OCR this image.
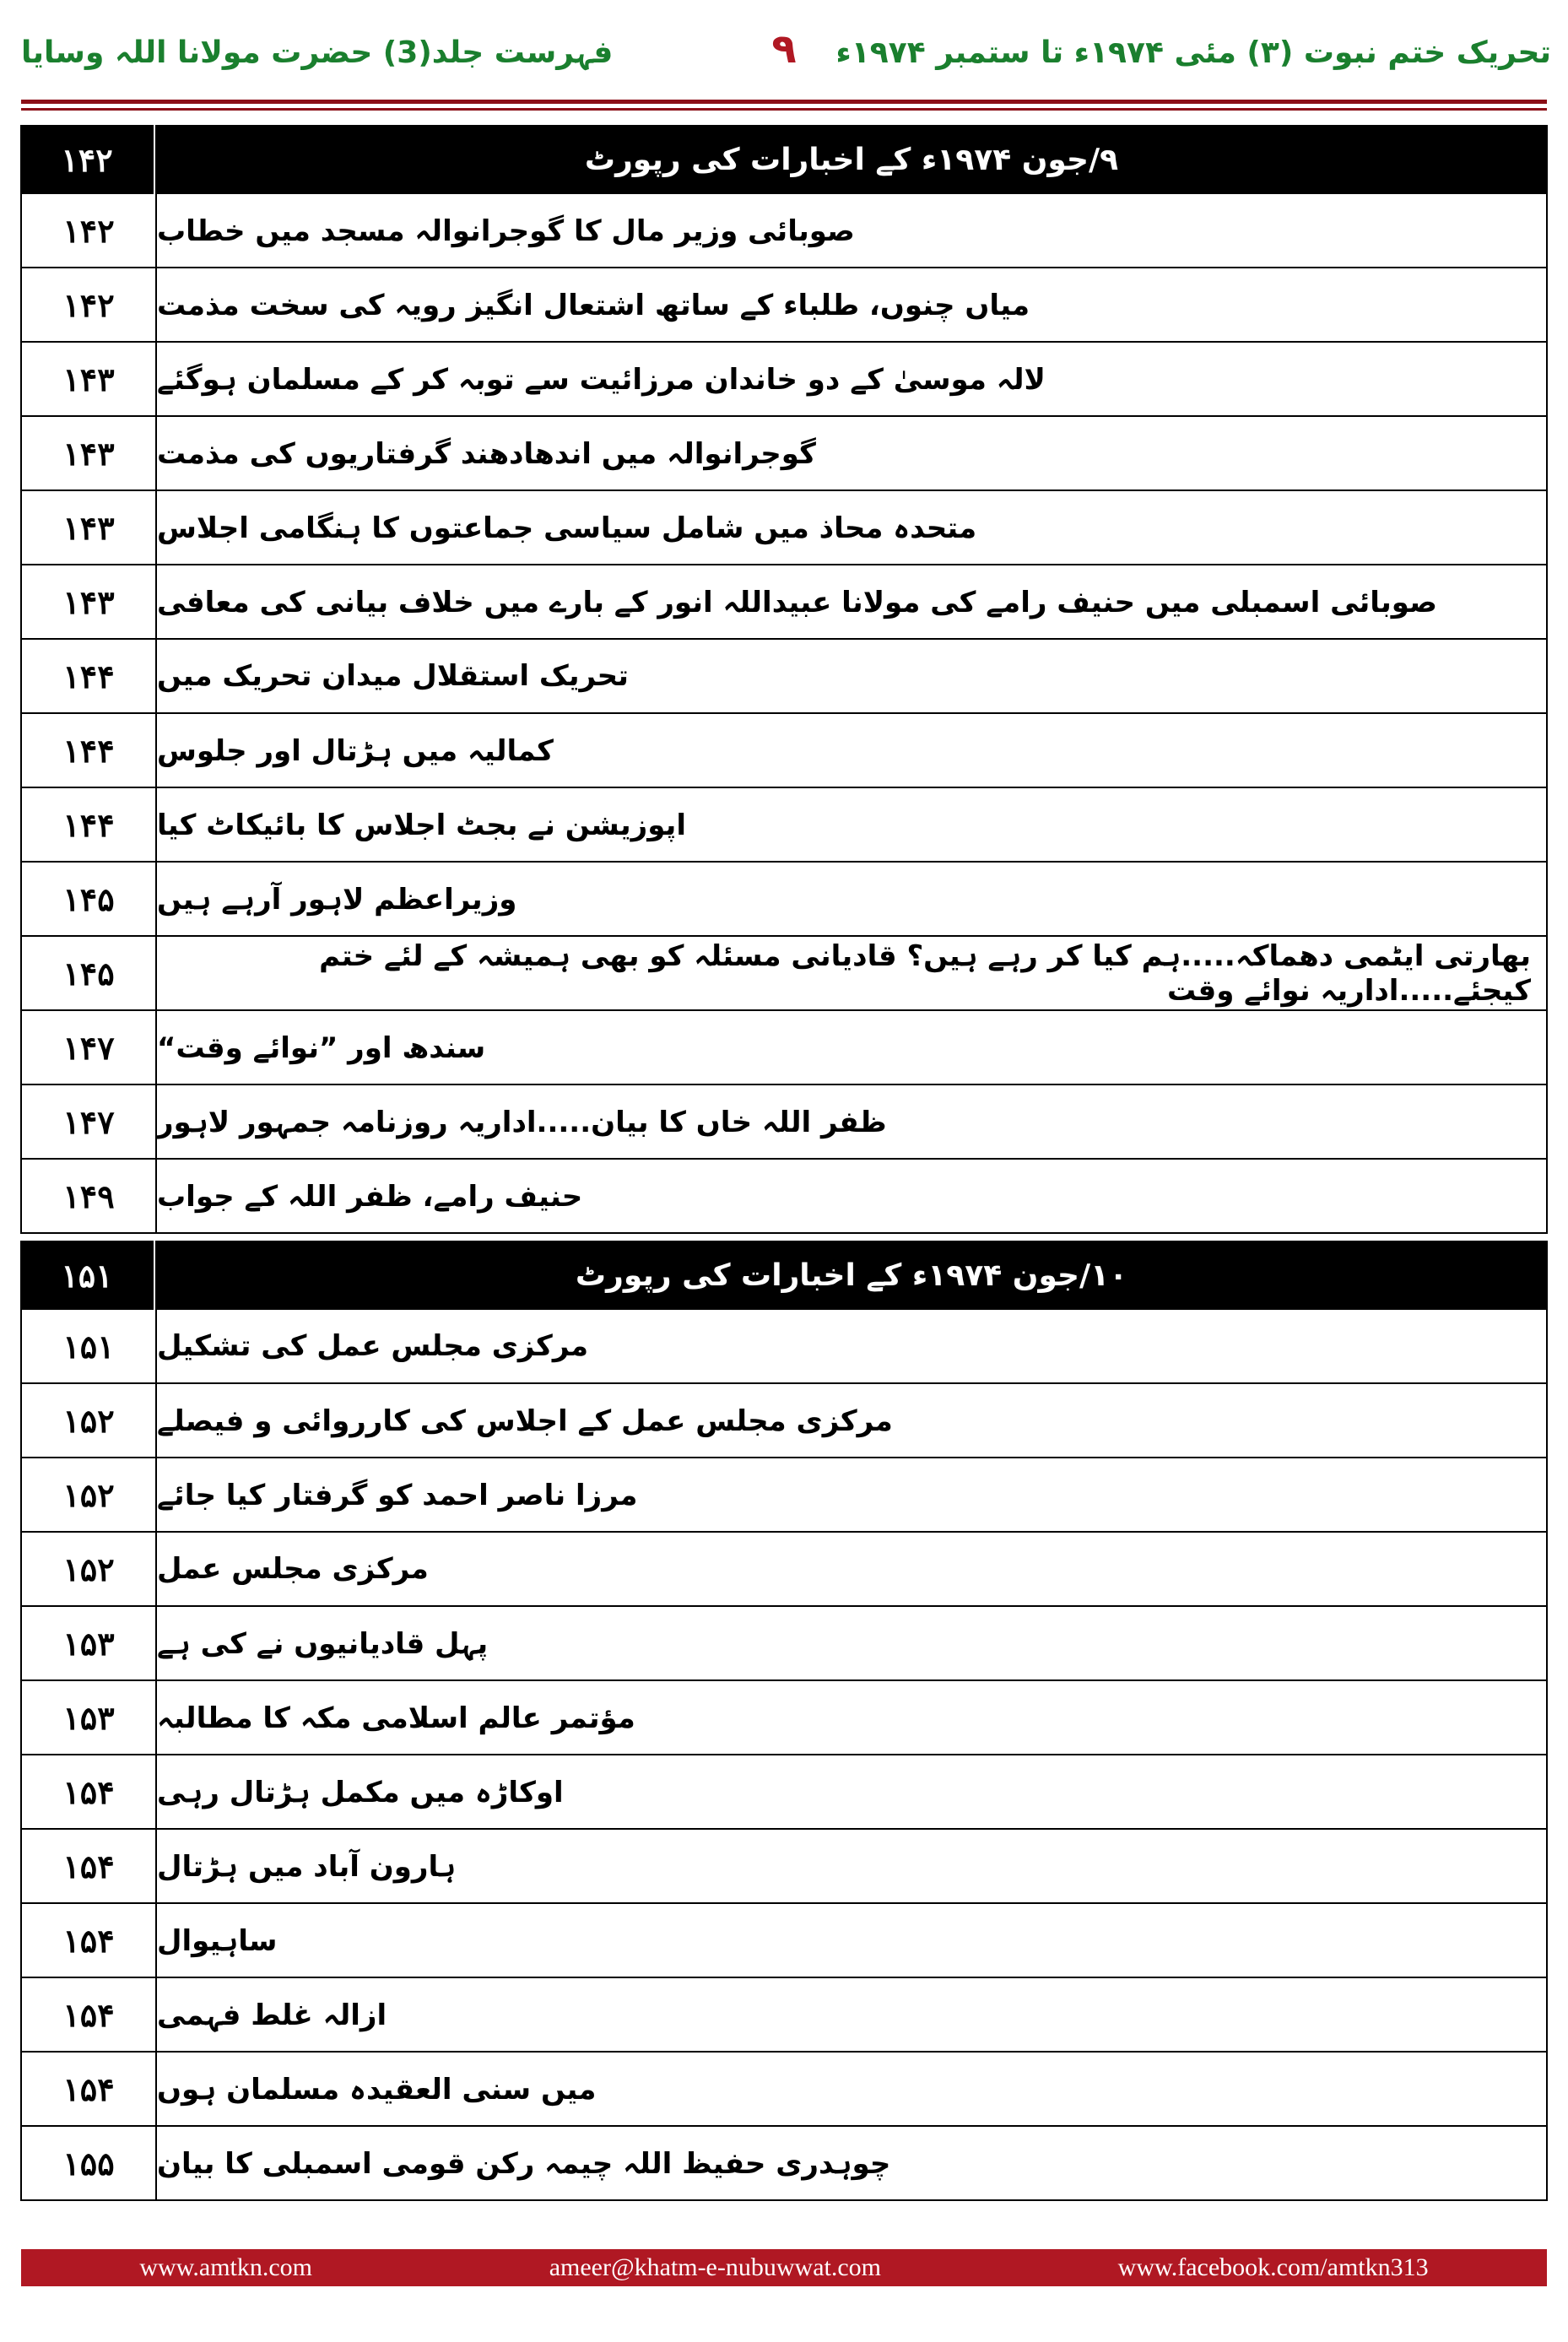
فہرست جلد(3) حضرت مولانا اللہ وسایا	۹	تحریک ختم نبوت (۳) مئی ۱۹۷۴ء تا ستمبر ۱۹۷۴ء
۱۴۲	۹/جون ۱۹۷۴ء کے اخبارات کی رپورٹ
۱۴۲	صوبائی وزیر مال کا گوجرانوالہ مسجد میں خطاب
۱۴۲	میاں چنوں، طلباء کے ساتھ اشتعال انگیز رویہ کی سخت مذمت
۱۴۳	لالہ موسیٰ کے دو خاندان مرزائیت سے توبہ کر کے مسلمان ہوگئے
۱۴۳	گوجرانوالہ میں اندھادھند گرفتاریوں کی مذمت
۱۴۳	متحدہ محاذ میں شامل سیاسی جماعتوں کا ہنگامی اجلاس
۱۴۳	صوبائی اسمبلی میں حنیف رامے کی مولانا عبیداللہ انور کے بارے میں خلاف بیانی کی معافی
۱۴۴	تحریک استقلال میدان تحریک میں
۱۴۴	کمالیہ میں ہڑتال اور جلوس
۱۴۴	اپوزیشن نے بجٹ اجلاس کا بائیکاٹ کیا
۱۴۵	وزیراعظم لاہور آرہے ہیں
۱۴۵	بھارتی ایٹمی دھماکہ.....ہم کیا کر رہے ہیں؟ قادیانی مسئلہ کو بھی ہمیشہ کے لئے ختم کیجئے.....اداریہ نوائے وقت
۱۴۷	سندھ اور ”نوائے وقت“
۱۴۷	ظفر اللہ خاں کا بیان.....اداریہ روزنامہ جمہور لاہور
۱۴۹	حنیف رامے، ظفر اللہ کے جواب
۱۵۱	۱۰/جون ۱۹۷۴ء کے اخبارات کی رپورٹ
۱۵۱	مرکزی مجلس عمل کی تشکیل
۱۵۲	مرکزی مجلس عمل کے اجلاس کی کارروائی و فیصلے
۱۵۲	مرزا ناصر احمد کو گرفتار کیا جائے
۱۵۲	مرکزی مجلس عمل
۱۵۳	پہل قادیانیوں نے کی ہے
۱۵۳	مؤتمر عالم اسلامی مکہ کا مطالبہ
۱۵۴	اوکاڑہ میں مکمل ہڑتال رہی
۱۵۴	ہارون آباد میں ہڑتال
۱۵۴	ساہیوال
۱۵۴	ازالہ غلط فہمی
۱۵۴	میں سنی العقیدہ مسلمان ہوں
۱۵۵	چوہدری حفیظ اللہ چیمہ رکن قومی اسمبلی کا بیان
www.amtkn.com	ameer@khatm-e-nubuwwat.com	www.facebook.com/amtkn313
